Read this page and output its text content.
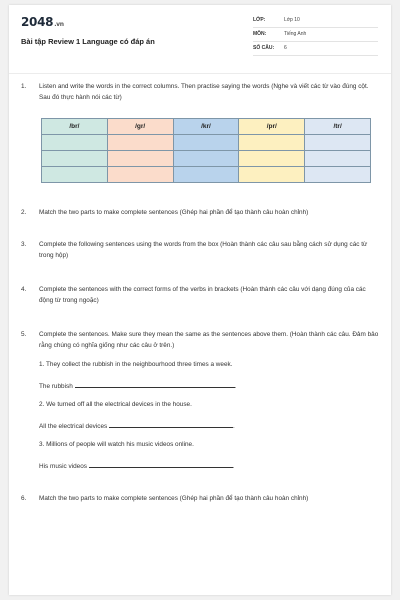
2048.vn
Bài tập Review 1 Language có đáp án
LỚP:	Lớp 10
MÔN:	Tiếng Anh
SỐ CÂU: 6
1. Listen and write the words in the correct columns. Then practise saying the words (Nghe và viết các từ vào đúng cột. Sau đó thực hành nói các từ)
/br/	/gr/	/kr/	/pr/	/tr/

2. Match the two parts to make complete sentences (Ghép hai phần để tạo thành câu hoàn chỉnh)
3. Complete the following sentences using the words from the box (Hoàn thành các câu sau bằng cách sử dụng các từ trong hộp)
4. Complete the sentences with the correct forms of the verbs in brackets (Hoàn thành các câu với dạng đúng của các động từ trong ngoặc)
5. Complete the sentences. Make sure they mean the same as the sentences above them. (Hoàn thành các câu. Đảm bảo rằng chúng có nghĩa giống như các câu ở trên.)
1. They collect the rubbish in the neighbourhood three times a week.
The rubbish	.
2. We turned off all the electrical devices in the house.
All the electrical devices	.
3. Millions of people will watch his music videos online.
His music videos	.
6. Match the two parts to make complete sentences (Ghép hai phần để tạo thành câu hoàn chỉnh)
